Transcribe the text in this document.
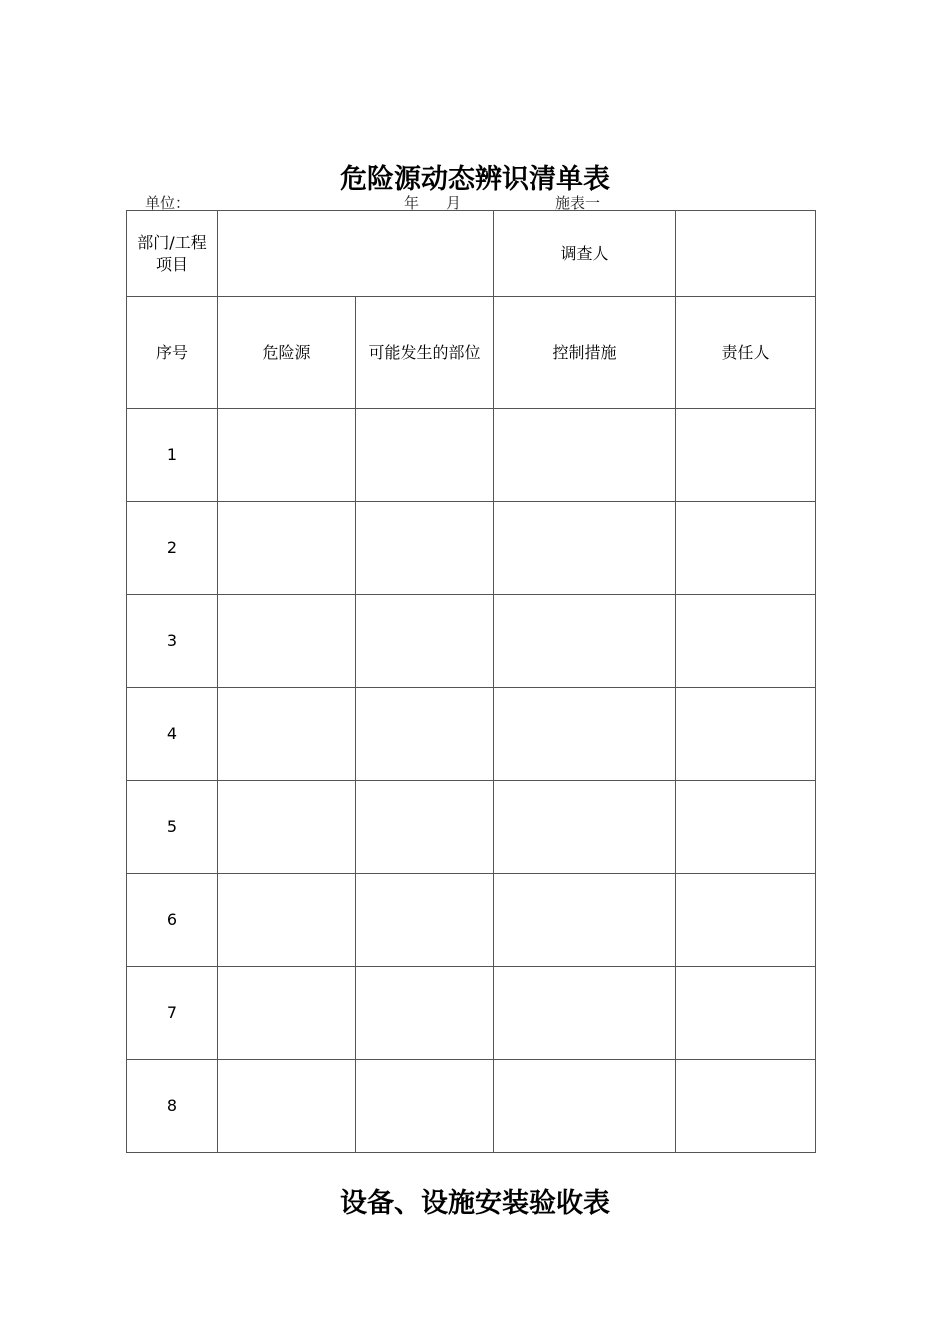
危险源动态辨识清单表
单位：	年 月	施表一
部门/工程
项目			调查人	
序号	危险源	可能发生的部位	控制措施	责任人
1				
2				
3				
4				
5				
6				
7				
8				
设备、设施安装验收表
